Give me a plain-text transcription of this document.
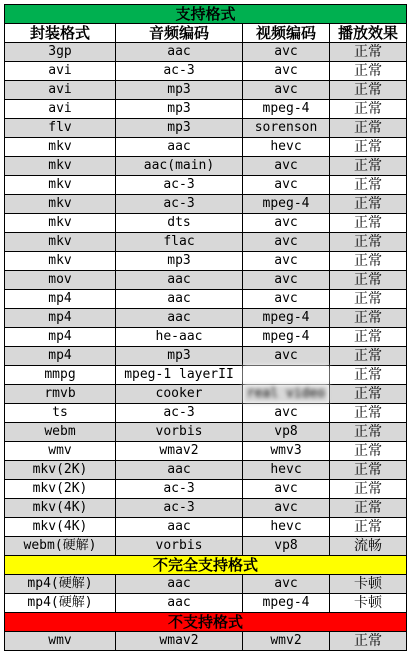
支持格式			
封装格式	音频编码	视频编码	播放效果
3gp	aac	avc	正常
avi	ac-3	avc	正常
avi	mp3	avc	正常
avi	mp3	mpeg-4	正常
flv	mp3	sorenson	正常
mkv	aac	hevc	正常
mkv	aac(main)	avc	正常
mkv	ac-3	avc	正常
mkv	ac-3	mpeg-4	正常
mkv	dts	avc	正常
mkv	flac	avc	正常
mkv	mp3	avc	正常
mov	aac	avc	正常
mp4	aac	avc	正常
mp4	aac	mpeg-4	正常
mp4	he-aac	mpeg-4	正常
mp4	mp3	avc	正常
mmpg	mpeg-1 layerII		正常
rmvb	cooker	real video	正常
ts	ac-3	avc	正常
webm	vorbis	vp8	正常
wmv	wmav2	wmv3	正常
mkv(2K)	aac	hevc	正常
mkv(2K)	ac-3	avc	正常
mkv(4K)	ac-3	avc	正常
mkv(4K)	aac	hevc	正常
webm(硬解)	vorbis	vp8	流畅
不完全支持格式			
mp4(硬解)	aac	avc	卡顿
mp4(硬解)	aac	mpeg-4	卡顿
不支持格式			
wmv	wmav2	wmv2	正常
